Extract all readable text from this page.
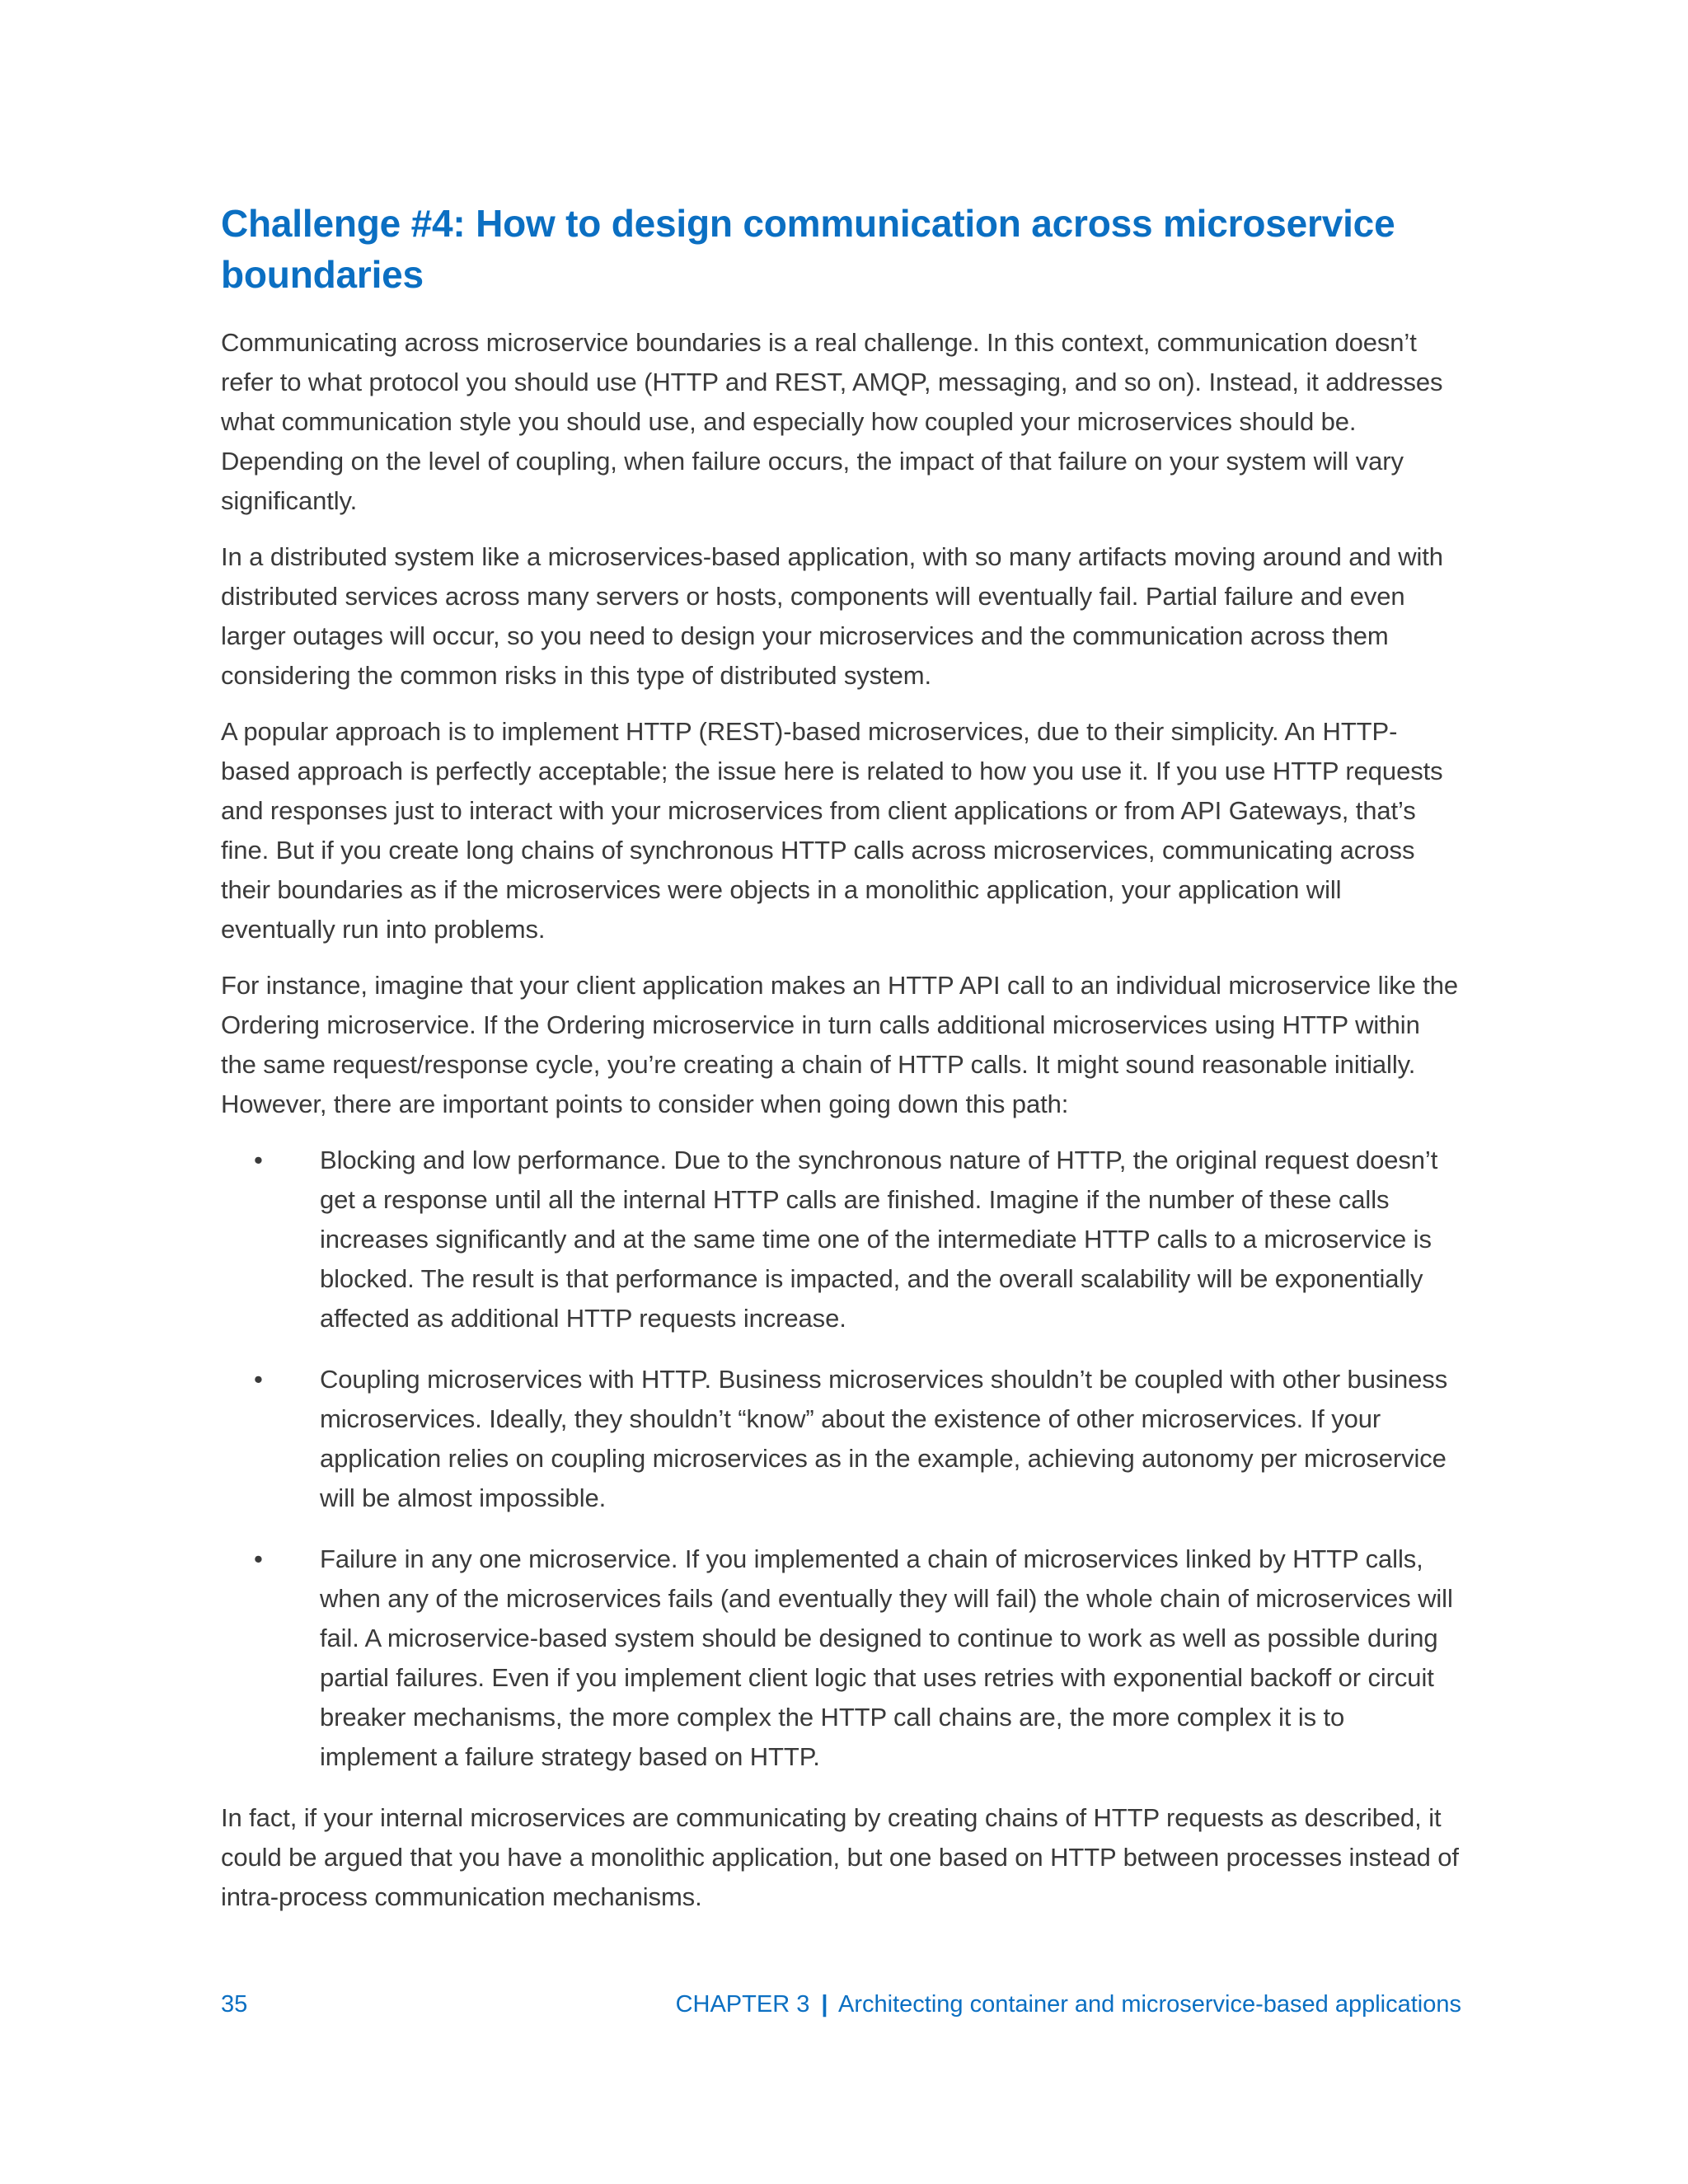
Challenge #4: How to design communication across microservice boundaries

Communicating across microservice boundaries is a real challenge. In this context, communication doesn’t refer to what protocol you should use (HTTP and REST, AMQP, messaging, and so on). Instead, it addresses what communication style you should use, and especially how coupled your microservices should be. Depending on the level of coupling, when failure occurs, the impact of that failure on your system will vary significantly.

In a distributed system like a microservices-based application, with so many artifacts moving around and with distributed services across many servers or hosts, components will eventually fail. Partial failure and even larger outages will occur, so you need to design your microservices and the communication across them considering the common risks in this type of distributed system.

A popular approach is to implement HTTP (REST)-based microservices, due to their simplicity. An HTTP-based approach is perfectly acceptable; the issue here is related to how you use it. If you use HTTP requests and responses just to interact with your microservices from client applications or from API Gateways, that’s fine. But if you create long chains of synchronous HTTP calls across microservices, communicating across their boundaries as if the microservices were objects in a monolithic application, your application will eventually run into problems.

For instance, imagine that your client application makes an HTTP API call to an individual microservice like the Ordering microservice. If the Ordering microservice in turn calls additional microservices using HTTP within the same request/response cycle, you’re creating a chain of HTTP calls. It might sound reasonable initially. However, there are important points to consider when going down this path:

• Blocking and low performance. Due to the synchronous nature of HTTP, the original request doesn’t get a response until all the internal HTTP calls are finished. Imagine if the number of these calls increases significantly and at the same time one of the intermediate HTTP calls to a microservice is blocked. The result is that performance is impacted, and the overall scalability will be exponentially affected as additional HTTP requests increase.
• Coupling microservices with HTTP. Business microservices shouldn’t be coupled with other business microservices. Ideally, they shouldn’t “know” about the existence of other microservices. If your application relies on coupling microservices as in the example, achieving autonomy per microservice will be almost impossible.
• Failure in any one microservice. If you implemented a chain of microservices linked by HTTP calls, when any of the microservices fails (and eventually they will fail) the whole chain of microservices will fail. A microservice-based system should be designed to continue to work as well as possible during partial failures. Even if you implement client logic that uses retries with exponential backoff or circuit breaker mechanisms, the more complex the HTTP call chains are, the more complex it is to implement a failure strategy based on HTTP.

In fact, if your internal microservices are communicating by creating chains of HTTP requests as described, it could be argued that you have a monolithic application, but one based on HTTP between processes instead of intra-process communication mechanisms.

35	CHAPTER 3 | Architecting container and microservice-based applications
